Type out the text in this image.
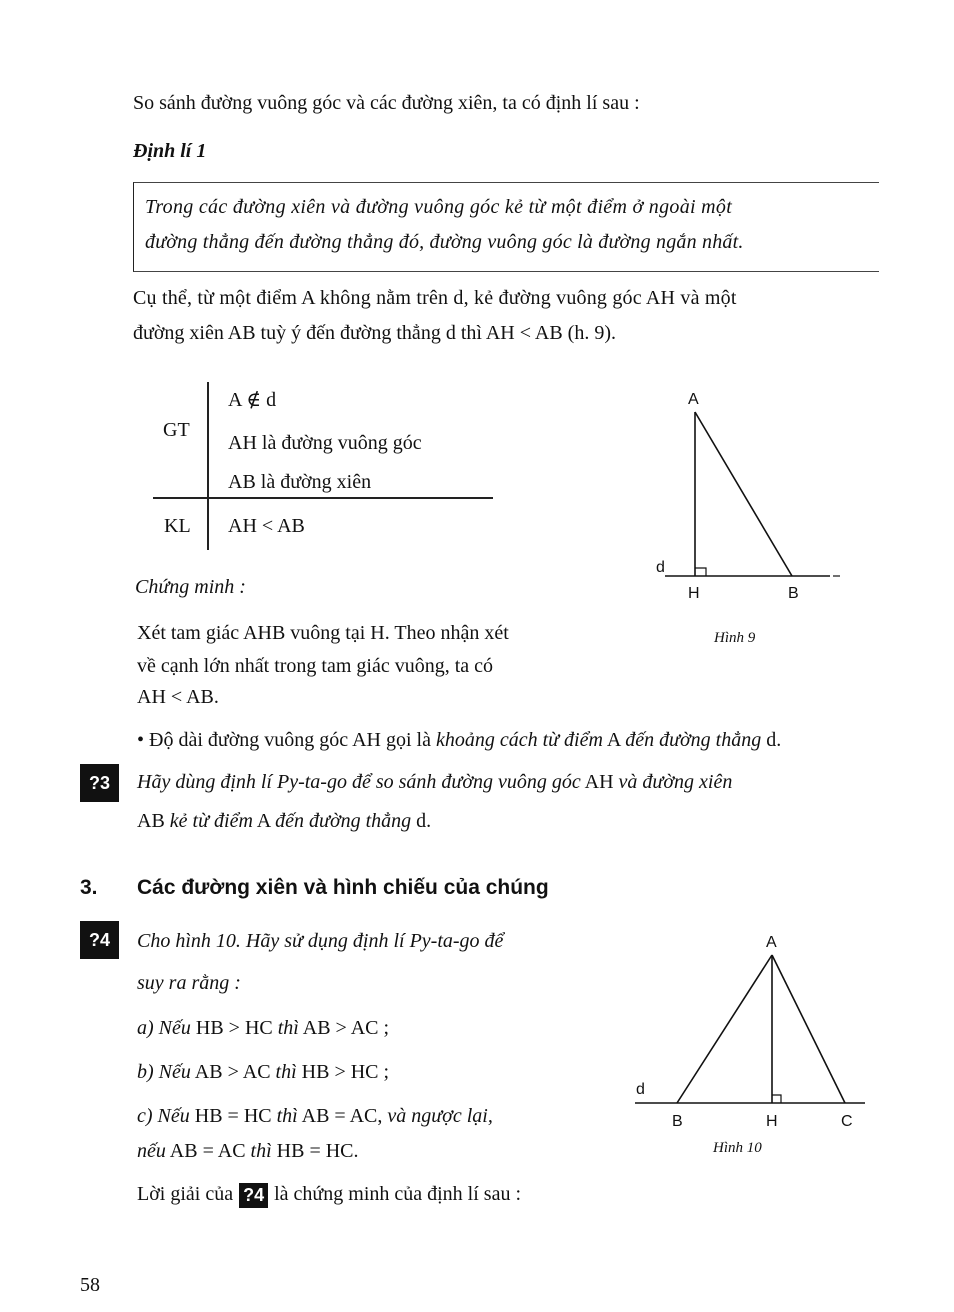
So sánh đường vuông góc và các đường xiên, ta có định lí sau :
Định lí 1
Trong các đường xiên và đường vuông góc kẻ từ một điểm ở ngoài một
đường thẳng đến đường thẳng đó, đường vuông góc là đường ngắn nhất.
Cụ thể, từ một điểm A không nằm trên d, kẻ đường vuông góc AH và một
đường xiên AB tuỳ ý đến đường thẳng d thì AH < AB (h. 9).
GT
A ∉ d
AH là đường vuông góc
AB là đường xiên
KL AH < AB
A
d
H	B
Hình 9
Chứng minh :
Xét tam giác AHB vuông tại H. Theo nhận xét
về cạnh lớn nhất trong tam giác vuông, ta có
AH < AB.
• Độ dài đường vuông góc AH gọi là khoảng cách từ điểm A đến đường thẳng d.
?3	Hãy dùng định lí Py-ta-go để so sánh đường vuông góc AH và đường xiên
AB kẻ từ điểm A đến đường thẳng d.
3. Các đường xiên và hình chiếu của chúng
?4	Cho hình 10. Hãy sử dụng định lí Py-ta-go để
suy ra rằng :
a) Nếu HB > HC thì AB > AC ;
b) Nếu AB > AC thì HB > HC ;
c) Nếu HB = HC thì AB = AC, và ngược lại,
nếu AB = AC thì HB = HC.
A
d
B	H	C
Hình 10
Lời giải của ?4 là chứng minh của định lí sau :
58
